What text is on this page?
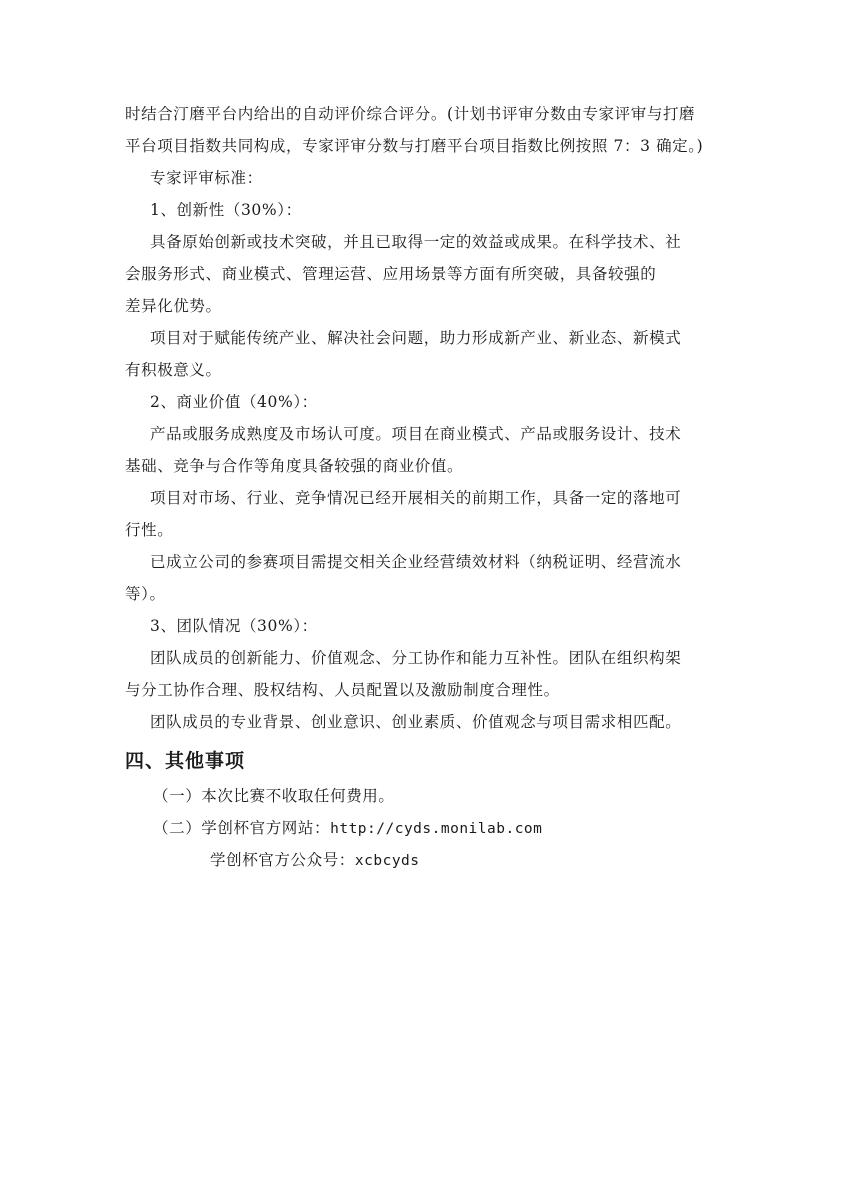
时结合汀磨平台内给出的自动评价综合评分。(计划书评审分数由专家评审与打磨
平台项目指数共同构成，专家评审分数与打磨平台项目指数比例按照 7：3 确定。)
专家评审标准：
1、创新性（30%）：
具备原始创新或技术突破，并且已取得一定的效益或成果。在科学技术、社
会服务形式、商业模式、管理运营、应用场景等方面有所突破，具备较强的
差异化优势。
项目对于赋能传统产业、解决社会问题，助力形成新产业、新业态、新模式
有积极意义。
2、商业价值（40%）：
产品或服务成熟度及市场认可度。项目在商业模式、产品或服务设计、技术
基础、竞争与合作等角度具备较强的商业价值。
项目对市场、行业、竞争情况已经开展相关的前期工作，具备一定的落地可
行性。
已成立公司的参赛项目需提交相关企业经营绩效材料（纳税证明、经营流水
等）。
3、团队情况（30%）：
团队成员的创新能力、价值观念、分工协作和能力互补性。团队在组织构架
与分工协作合理、股权结构、人员配置以及激励制度合理性。
团队成员的专业背景、创业意识、创业素质、价值观念与项目需求相匹配。
四、其他事项
（一）本次比赛不收取任何费用。
（二）学创杯官方网站：http://cyds.monilab.com
学创杯官方公众号：xcbcyds
